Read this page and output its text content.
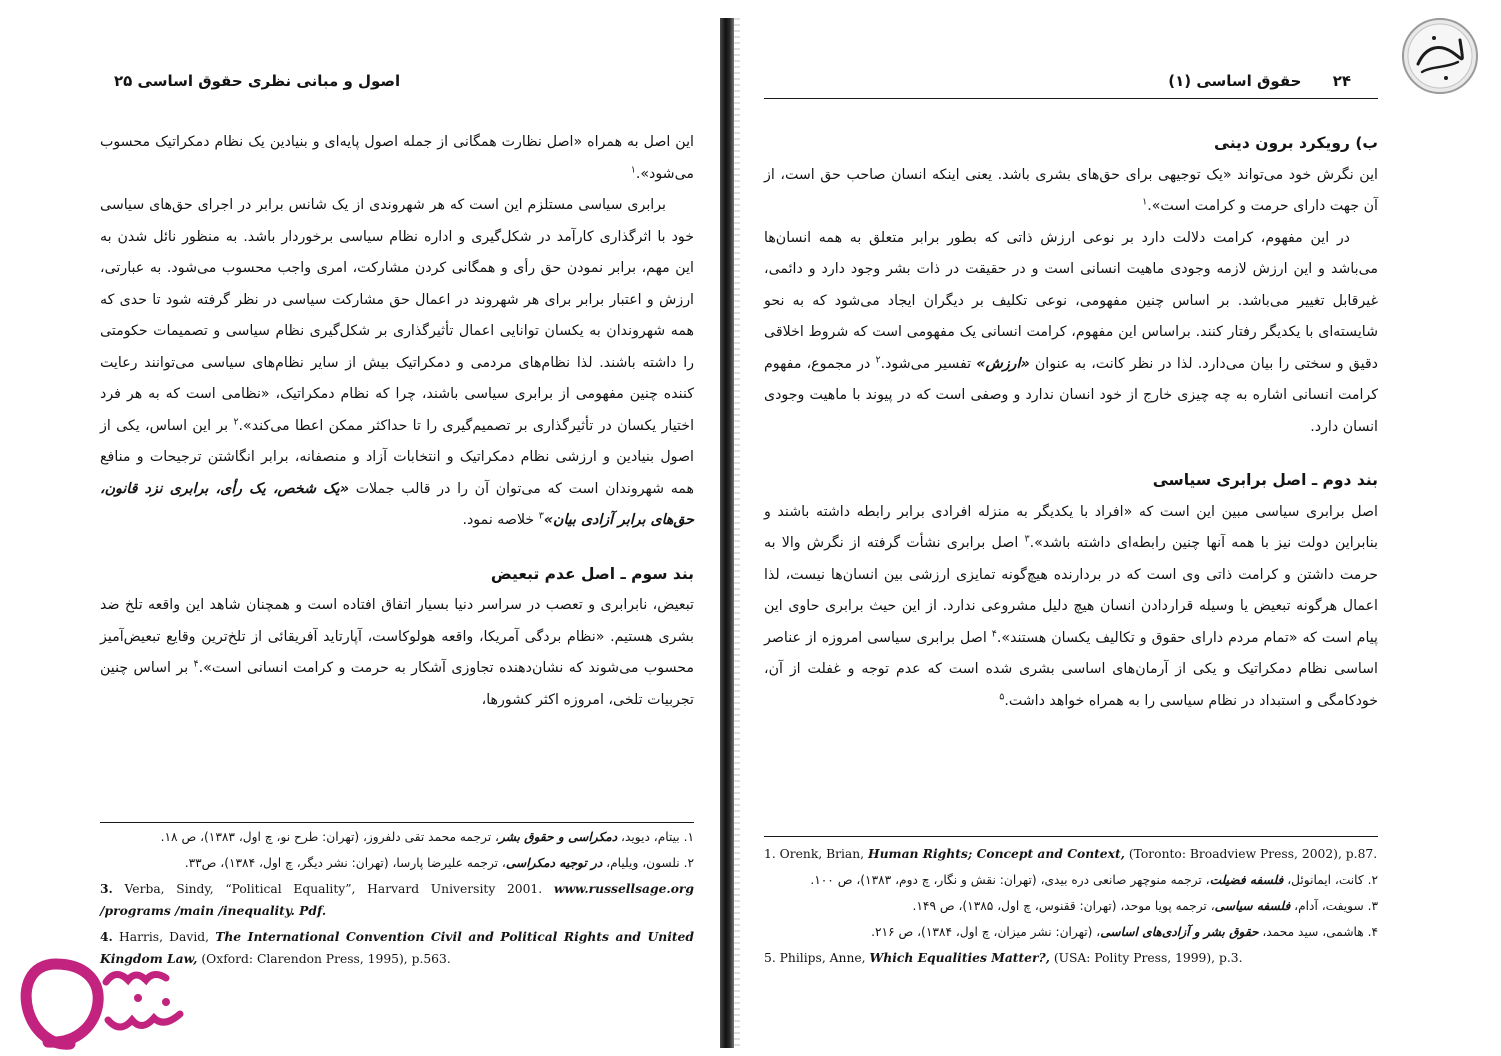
۲۵ اصول و مبانی نظری حقوق اساسی

این اصل به همراه «اصل نظارت همگانی از جمله اصول پایه‌ای و بنیادین یک نظام دمکراتیک محسوب می‌شود».$^۱$

برابری سیاسی مستلزم این است که هر شهروندی از یک شانس برابر در اجرای حق‌های سیاسی خود با اثرگذاری کارآمد در شکل‌گیری و اداره نظام سیاسی برخوردار باشد. به منظور نائل شدن به این مهم، برابر نمودن حق رأی و همگانی کردن مشارکت، امری واجب محسوب می‌شود. به عبارتی، ارزش و اعتبار برابر برای هر شهروند در اعمال حق مشارکت سیاسی در نظر گرفته شود تا حدی که همه شهروندان به یکسان توانایی اعمال تأثیرگذاری بر شکل‌گیری نظام سیاسی و تصمیمات حکومتی را داشته باشند. لذا نظام‌های مردمی و دمکراتیک بیش از سایر نظام‌های سیاسی می‌توانند رعایت کننده چنین مفهومی از برابری سیاسی باشند، چرا که نظام دمکراتیک، «نظامی است که به هر فرد اختیار یکسان در تأثیرگذاری بر تصمیم‌گیری را تا حداکثر ممکن اعطا می‌کند».$^۲$ بر این اساس، یکی از اصول بنیادین و ارزشی نظام دمکراتیک و انتخابات آزاد و منصفانه، برابر انگاشتن ترجیحات و منافع همه شهروندان است که می‌توان آن را در قالب جملات «یک شخص، یک رأی، برابری نزد قانون، حق‌های برابر آزادی بیان»$^۳$ خلاصه نمود.

بند سوم ـ اصل عدم تبعیض

تبعیض، نابرابری و تعصب در سراسر دنیا بسیار اتفاق افتاده است و همچنان شاهد این واقعه تلخ ضد بشری هستیم. «نظام بردگی آمریکا، واقعه هولوکاست، آپارتاید آفریقائی از تلخ‌ترین وقایع تبعیض‌آمیز محسوب می‌شوند که نشان‌دهنده تجاوزی آشکار به حرمت و کرامت انسانی است».$^۴$ بر اساس چنین تجربیات تلخی، امروزه اکثر کشورها،

۱. بیتام، دیوید، دمکراسی و حقوق بشر، ترجمه محمد تقی دلفروز، (تهران: طرح نو، چ اول، ۱۳۸۳)، ص ۱۸.

۲. نلسون، ویلیام، در توجیه دمکراسی، ترجمه علیرضا پارسا، (تهران: نشر دیگر، چ اول، ۱۳۸۴)، ص۳۳.

3. Verba, Sindy, “Political Equality”, Harvard University 2001. www.russellsage.org /programs /main /inequality. Pdf.

4. Harris, David, The International Convention Civil and Political Rights and United Kingdom Law, (Oxford: Clarendon Press, 1995), p.563.

۲۴ حقوق اساسی (۱)
ب) رویکرد برون دینی

این نگرش خود می‌تواند «یک توجیهی برای حق‌های بشری باشد. یعنی اینکه انسان صاحب حق است، از آن جهت دارای حرمت و کرامت است».$^۱$

در این مفهوم، کرامت دلالت دارد بر نوعی ارزش ذاتی که بطور برابر متعلق به همه انسان‌ها می‌باشد و این ارزش لازمه وجودی ماهیت انسانی است و در حقیقت در ذات بشر وجود دارد و دائمی، غیرقابل تغییر می‌باشد. بر اساس چنین مفهومی، نوعی تکلیف بر دیگران ایجاد می‌شود که به نحو شایسته‌ای با یکدیگر رفتار کنند. براساس این مفهوم، کرامت انسانی یک مفهومی است که شروط اخلاقی دقیق و سختی را بیان می‌دارد. لذا در نظر کانت، به عنوان «ارزش» تفسیر می‌شود.$^۲$ در مجموع، مفهوم کرامت انسانی اشاره به چه چیزی خارج از خود انسان ندارد و وصفی است که در پیوند با ماهیت وجودی انسان دارد.

بند دوم ـ اصل برابری سیاسی

اصل برابری سیاسی مبین این است که «افراد با یکدیگر به منزله افرادی برابر رابطه داشته باشند و بنابراین دولت نیز با همه آنها چنین رابطه‌ای داشته باشد».$^۳$ اصل برابری نشأت گرفته از نگرش والا به حرمت داشتن و کرامت ذاتی وی است که در بردارنده هیچ‌گونه تمایزی ارزشی بین انسان‌ها نیست، لذا اعمال هرگونه تبعیض یا وسیله قراردادن انسان هیچ دلیل مشروعی ندارد. از این حیث برابری حاوی این پیام است که «تمام مردم دارای حقوق و تکالیف یکسان هستند».$^۴$ اصل برابری سیاسی امروزه از عناصر اساسی نظام دمکراتیک و یکی از آرمان‌های اساسی بشری شده است که عدم توجه و غفلت از آن، خودکامگی و استبداد در نظام سیاسی را به همراه خواهد داشت.$^۵$

1. Orenk, Brian, Human Rights; Concept and Context, (Toronto: Broadview Press, 2002), p.87.

۲. کانت، ایمانوئل، فلسفه فضیلت، ترجمه منوچهر صانعی دره بیدی، (تهران: نقش و نگار، چ دوم، ۱۳۸۳)، ص ۱۰۰.

۳. سویفت، آدام، فلسفه سیاسی، ترجمه پویا موحد، (تهران: ققنوس، چ اول، ۱۳۸۵)، ص ۱۴۹.

۴. هاشمی، سید محمد، حقوق بشر و آزادی‌های اساسی، (تهران: نشر میزان، چ اول، ۱۳۸۴)، ص ۲۱۶.

5. Philips, Anne, Which Equalities Matter?, (USA: Polity Press, 1999), p.3.
